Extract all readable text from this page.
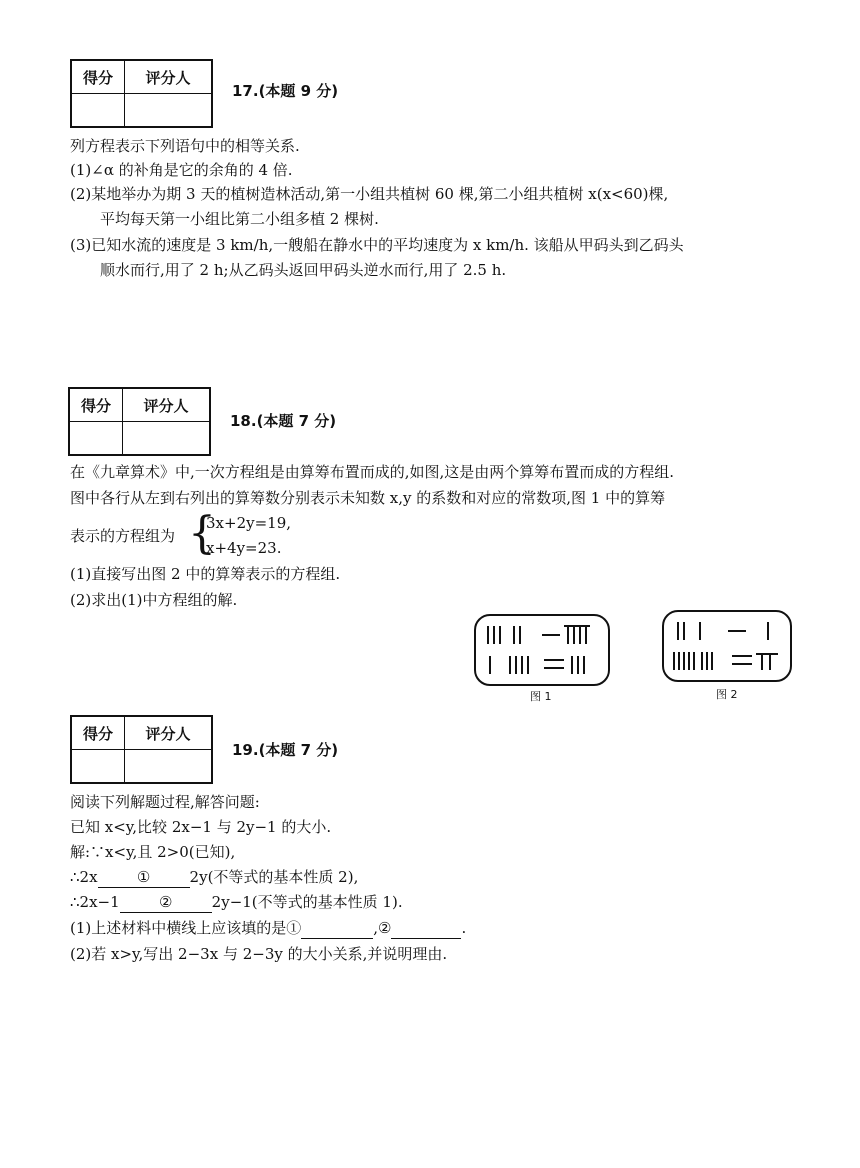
得分	评分人

17.(本题 9 分)
列方程表示下列语句中的相等关系.
(1)∠α 的补角是它的余角的 4 倍.
(2)某地举办为期 3 天的植树造林活动,第一小组共植树 60 棵,第二小组共植树 x(x<60)棵,
平均每天第一小组比第二小组多植 2 棵树.
(3)已知水流的速度是 3 km/h,一艘船在静水中的平均速度为 x km/h. 该船从甲码头到乙码头
顺水而行,用了 2 h;从乙码头返回甲码头逆水而行,用了 2.5 h.
得分	评分人

18.(本题 7 分)
在《九章算术》中,一次方程组是由算筹布置而成的,如图,这是由两个算筹布置而成的方程组.
图中各行从左到右列出的算筹数分别表示未知数 x,y 的系数和对应的常数项,图 1 中的算筹
表示的方程组为 {
3x+2y=19,
x+4y=23.
(1)直接写出图 2 中的算筹表示的方程组.
(2)求出(1)中方程组的解.
图 1	图 2
得分	评分人

19.(本题 7 分)
阅读下列解题过程,解答问题:
已知 x<y,比较 2x−1 与 2y−1 的大小.
解:∵x<y,且 2>0(已知),
∴2x	①	2y(不等式的基本性质 2),
∴2x−1	②	2y−1(不等式的基本性质 1).
(1)上述材料中横线上应该填的是①	,②	.
(2)若 x>y,写出 2−3x 与 2−3y 的大小关系,并说明理由.
